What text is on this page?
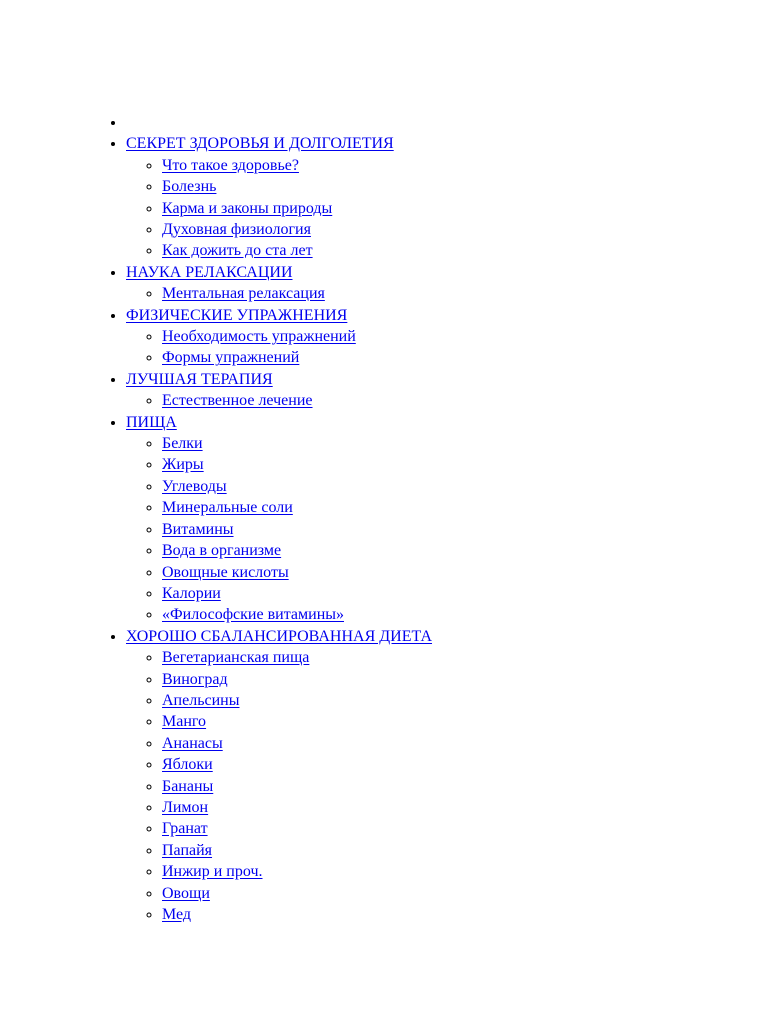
•
• СЕКРЕТ ЗДОРОВЬЯ И ДОЛГОЛЕТИЯ
◦ Что такое здоровье?
◦ Болезнь
◦ Карма и законы природы
◦ Духовная физиология
◦ Как дожить до ста лет
• НАУКА РЕЛАКСАЦИИ
◦ Ментальная релаксация
• ФИЗИЧЕСКИЕ УПРАЖНЕНИЯ
◦ Необходимость упражнений
◦ Формы упражнений
• ЛУЧШАЯ ТЕРАПИЯ
◦ Естественное лечение
• ПИЩА
◦ Белки
◦ Жиры
◦ Углеводы
◦ Минеральные соли
◦ Витамины
◦ Вода в организме
◦ Овощные кислоты
◦ Калории
◦ «Философские витамины»
• ХОРОШО СБАЛАНСИРОВАННАЯ ДИЕТА
◦ Вегетарианская пища
◦ Виноград
◦ Апельсины
◦ Манго
◦ Ананасы
◦ Яблоки
◦ Бананы
◦ Лимон
◦ Гранат
◦ Папайя
◦ Инжир и проч.
◦ Овощи
◦ Мед
